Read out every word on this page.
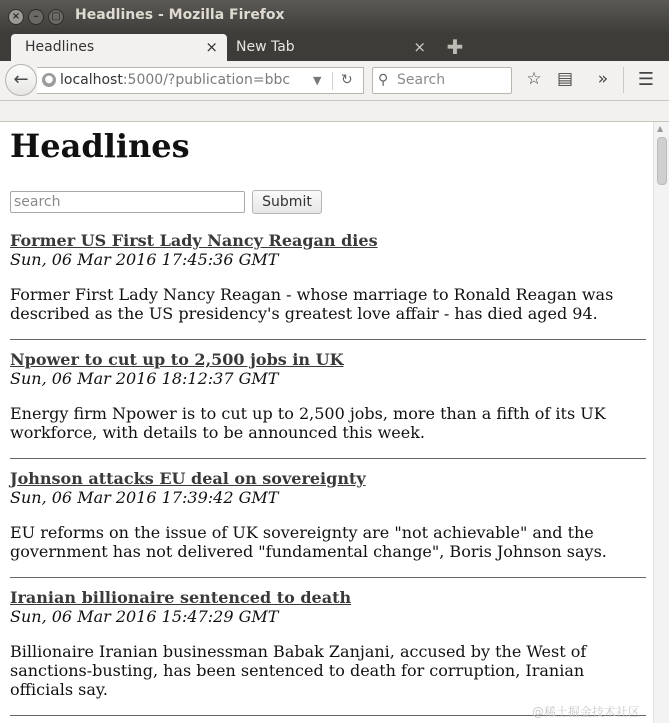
×	–	□ Headlines - Mozilla Firefox
Headlines	×	New Tab	× ✚
←	● localhost:5000/?publication=bbc ▼ ↻ ⚲ Search	☆ ▤	»	☰
Headlines
search
Submit
Former US First Lady Nancy Reagan dies
Sun, 06 Mar 2016 17:45:36 GMT

Former First Lady Nancy Reagan - whose marriage to Ronald Reagan was described as the US presidency's greatest love affair - has died aged 94.

Npower to cut up to 2,500 jobs in UK
Sun, 06 Mar 2016 18:12:37 GMT

Energy firm Npower is to cut up to 2,500 jobs, more than a fifth of its UK workforce, with details to be announced this week.

Johnson attacks EU deal on sovereignty
Sun, 06 Mar 2016 17:39:42 GMT

EU reforms on the issue of UK sovereignty are "not achievable" and the government has not delivered "fundamental change", Boris Johnson says.

Iranian billionaire sentenced to death
Sun, 06 Mar 2016 15:47:29 GMT

Billionaire Iranian businessman Babak Zanjani, accused by the West of sanctions-busting, has been sentenced to death for corruption, Iranian officials say.

▲
@稀土掘金技术社区
